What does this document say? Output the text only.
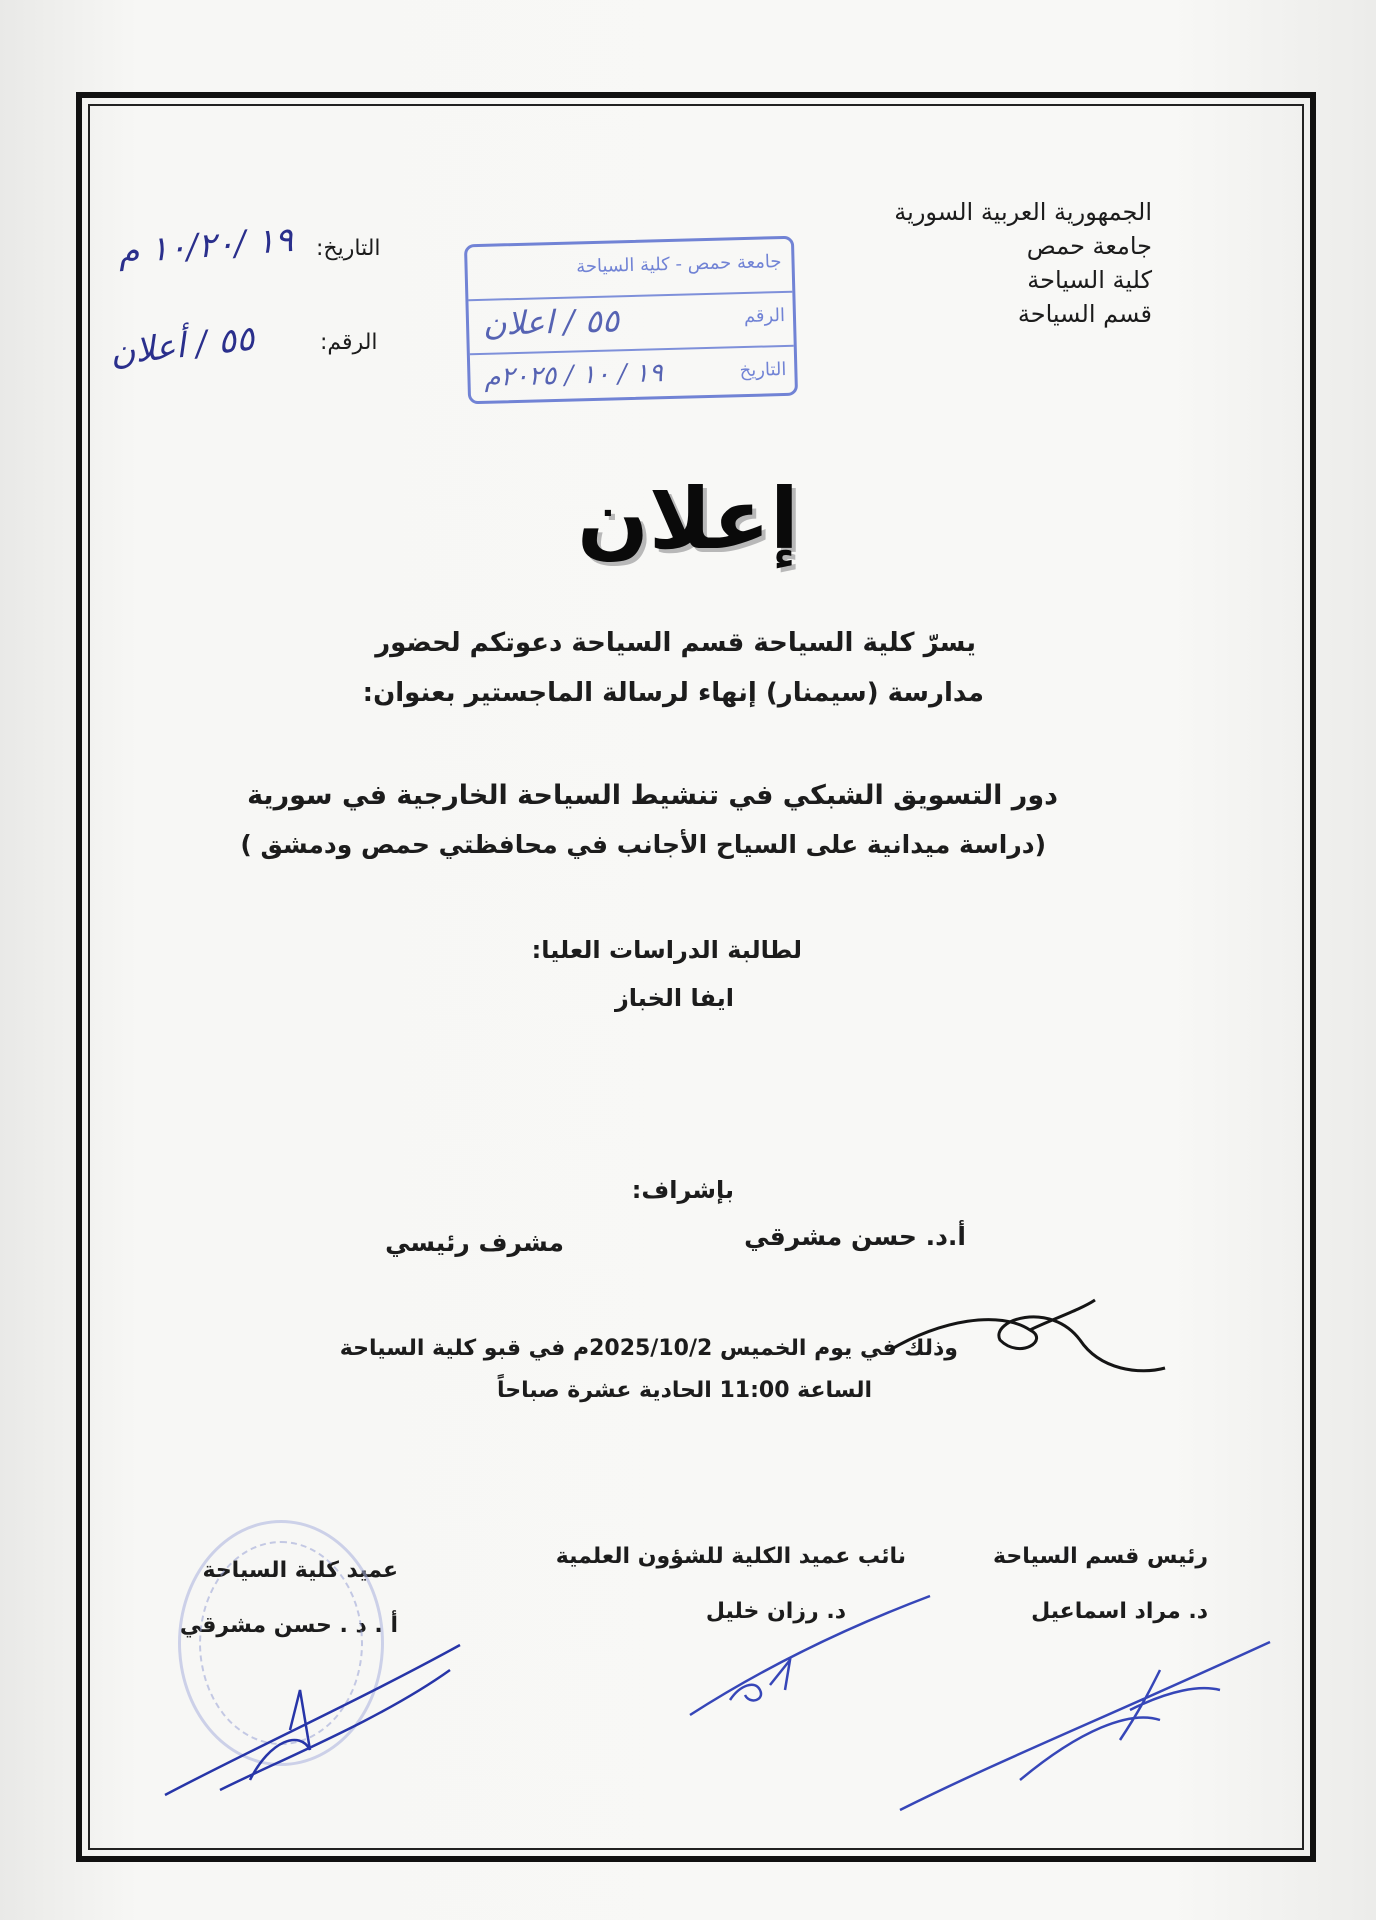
الجمهورية العربية السورية
جامعة حمص
كلية السياحة
قسم السياحة
التاريخ:
١٩ /١٠/٢٠ م
الرقم:
٥٥ / أعلان
جامعة حمص - كلية السياحة
الرقم
٥٥ / اعلان
التاريخ
١٩ / ١٠ / ٢٠٢٥م
إعلان
يسرّ كلية السياحة قسم السياحة دعوتكم لحضور
مدارسة (سيمنار) إنهاء لرسالة الماجستير بعنوان:
دور التسويق الشبكي في تنشيط السياحة الخارجية في سورية
(دراسة ميدانية على السياح الأجانب في محافظتي حمص ودمشق )
لطالبة الدراسات العليا:
ايفا الخباز
بإشراف:
أ.د. حسن مشرقي
مشرف رئيسي
وذلك في يوم الخميس 2025/10/2م في قبو كلية السياحة
الساعة 11:00 الحادية عشرة صباحاً
رئيس قسم السياحة
د. مراد اسماعيل
نائب عميد الكلية للشؤون العلمية
د. رزان خليل
عميد كلية السياحة
أ . د . حسن مشرقي
